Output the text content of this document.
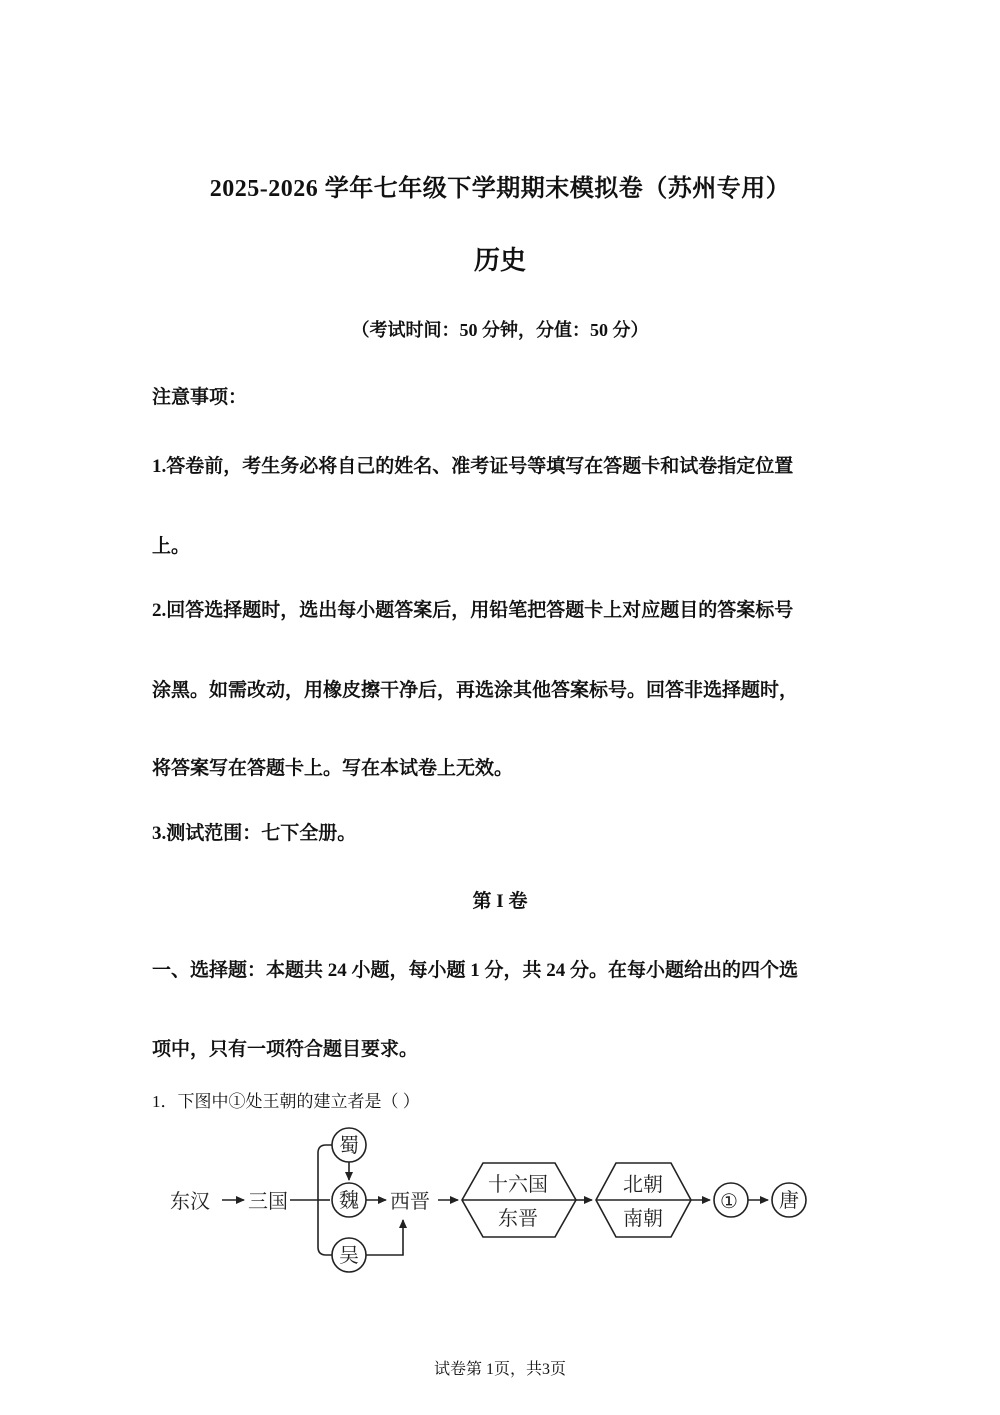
2025-2026 学年七年级下学期期末模拟卷（苏州专用）
历史
（考试时间：50 分钟，分值：50 分）
注意事项：
1.答卷前，考生务必将自己的姓名、准考证号等填写在答题卡和试卷指定位置
上。
2.回答选择题时，选出每小题答案后，用铅笔把答题卡上对应题目的答案标号
涂黑。如需改动，用橡皮擦干净后，再选涂其他答案标号。回答非选择题时，
将答案写在答题卡上。写在本试卷上无效。
3.测试范围：七下全册。
第 I 卷
一、选择题：本题共 24 小题，每小题 1 分，共 24 分。在每小题给出的四个选
项中，只有一项符合题目要求。
1．下图中①处王朝的建立者是（ ）
东汉 三国
蜀
魏
吴
西晋
十六国
东晋
北朝
南朝
① 唐
试卷第 1页，共3页
